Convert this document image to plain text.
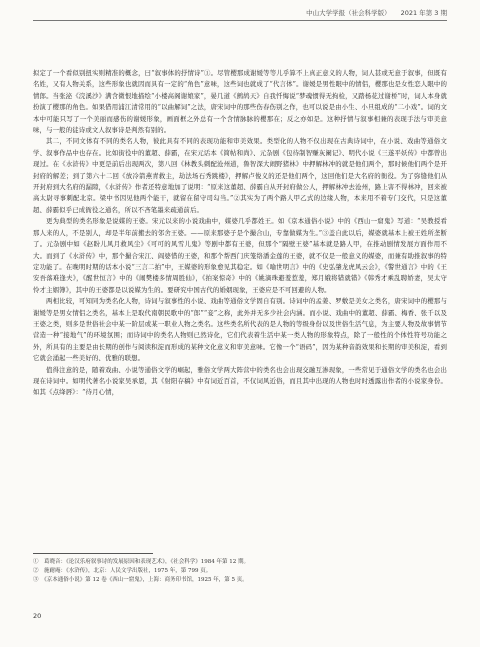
中山大学学报（社会科学版） 2021 年第 3 期

拟定了一个看似别扭实则精准的概念，曰“叙事体的抒情诗”①。尽管樱那成谢媛等等儿乎算不上真正意义的人物，词人甚或无意于叙事，但既有名姓，又有人物关系，这些形象也就因而具有一定的“角色”意味，这些词也就成了“代言体”。谢媛是男性眼中的情侣，樱那也是女性恋人眼中的情郎。当张泌《浣溪沙》满含微恨地描绘“小楼高阁谢娘家”，晏几道《鹧鸪天》自我忏悔说“梦魂惯得无拘检，又踏杨花过谢桥”时，词人本身就扮演了樱那的角色。如果借用浦江清常用的“以曲解词”之法，唐宋词中的那些伤春伤别之作，也可以说是由小生、小旦组成的“二小戏”。词的文本中可能只写了一个美丽而感伤的谢媛形象，画面框之外总有一个含情脉脉的樱那在；反之亦如是。这种抒情与叙事相兼的表现手法与审美意味，与一般的徒诗或文人叙事诗是判然有别的。

其二，不同文体有不同的类名人物，彼此具有不同的表现功能和审美效果。类型化的人物不仅出现在古典诗词中，在小说、戏曲等通俗文学、叙事作品中也存在。比如街役中的董超、薛霸，在宋元话本《简帖和尚》、元杂剧《包待制智赚灰阑记》、明代小说《三遂平妖传》中都曾出现过。在《水浒传》中更是前后出现两次，第八回《林教头刺配沧州道，鲁智深大闹野猪林》中押解林冲的就是他们两个，那时候他们两个是开封府的解差；到了第六十二回《放冷箭燕青救主，劫法场石秀跳楼》，押解卢俊义的还是他们两个，这回他们是大名府的衙役。为了弥缝他们从开封府到大名府的漏隙，《水浒传》作者还特意地加了说明：“原来这董超、薛霸自从开封府做公人，押解林冲去沧州，路上害不得林冲，回来被高太尉寻事刺配北京。梁中书因见他两个能干，就留在留守司勾当。”②其实为了两个路人甲乙式的边缘人物，本来用不着专门交代，只是这董超、薛霸似乎已成衙役之通名，所以不吝笔墨来疏通前后。

更为典型的类名形象是说媒的王婆。宋元以来的小说戏曲中，媒婆几乎都姓王。如《京本通俗小说》中的《西山一窟鬼》写道：“吴教授看那人来的人，不是别人，却是半年前搬去的邻舍王婆。——原来那婆子是个撮合山，专靠做媒为生。”③盖自此以后，媒婆就基本上被王姓所垄断了。元杂剧中如《赵盼儿风月救风尘》《可可的风雪儿鬼》等剧中都有王婆，但那个“隔壁王婆”基本就是路人甲，在推动剧情发展方面作用不大。而到了《水浒传》中，那个撮合宋江、阎婆惜的王婆，和那个帮西门庆笼络潘金莲的王婆，就不仅是一般意义的媒婆，而兼有助推叙事的特定功能了。在晚明时期的话本小说“三言二拍”中，王媒婆的形象愈见其稳定。如《喻世明言》中的《史弘肇龙虎风云会》，《警世通言》中的《王安吾落难逢夫》，《醒世恒言》中的《闹樊楼多情周胜仙》，《拍案惊奇》中的《姚滴珠避羞惹羞，郑月娥将错就错》《韩秀才乘乱聘娇妻，吴太守怜才主姻簿》，其中的王婆都是以说媒为生的。要研究中国古代的婚姻现象，王婆应是不可回避的人物。

两相比较，可知同为类名化人物，诗词与叙事性的小说、戏曲等通俗文学固自有别。诗词中的孟姜、罗敷是美女之类名，唐宋词中的樱那与谢媛等是男女情侣之类名，基本上是取代南朝民歌中的“郎”“妾”之称，此外并无多少社会内涵。而小说、戏曲中的董超、薛霸、梅香、张千以及王婆之类，则多是世俗社会中某一阶层或某一职业人物之类名。这些类名所代表的是人物的等级身份以及世俗生活气息，为主要人物及故事情节营造一种“接地气”的环境氛围；而诗词中的类名人物则已然诗化，它们代表着生活中某一类人物的形象特点，除了一般性的个体性符号功能之外，所具有的主要是由长期的创作与阅读积淀而形成的某种文化意义和审美意味。它像一个“语码”，因为某种音韵效果和长期的审美积淀，看到它就会涌起一些美好的、优雅的联想。

值得注意的是，随着戏曲、小说等通俗文学的崛起，雅俗文学两大阵营中的类名也会出现交融互渗现象，一些常见于通俗文学的类名也会出现在诗词中。如明代著名小说家吴承恩，其《射阳存稿》中有词近百首，不仅词风近俗，而且其中出现的人物也时时透露出作者的小说家身份。如其《点绛唇》：“待月心情，

①　葛晓音：《论汉乐府叙事诗的发展原因和表现艺术》，《社会科学》1984 年第 12 期。

②　施耐庵：《水浒传》，北京：人民文学出版社，1975 年，第 799 页。

③　《京本通俗小说》第 12 卷《西山一窟鬼》，上海：商务印书馆，1925 年，第 5 页。

20
